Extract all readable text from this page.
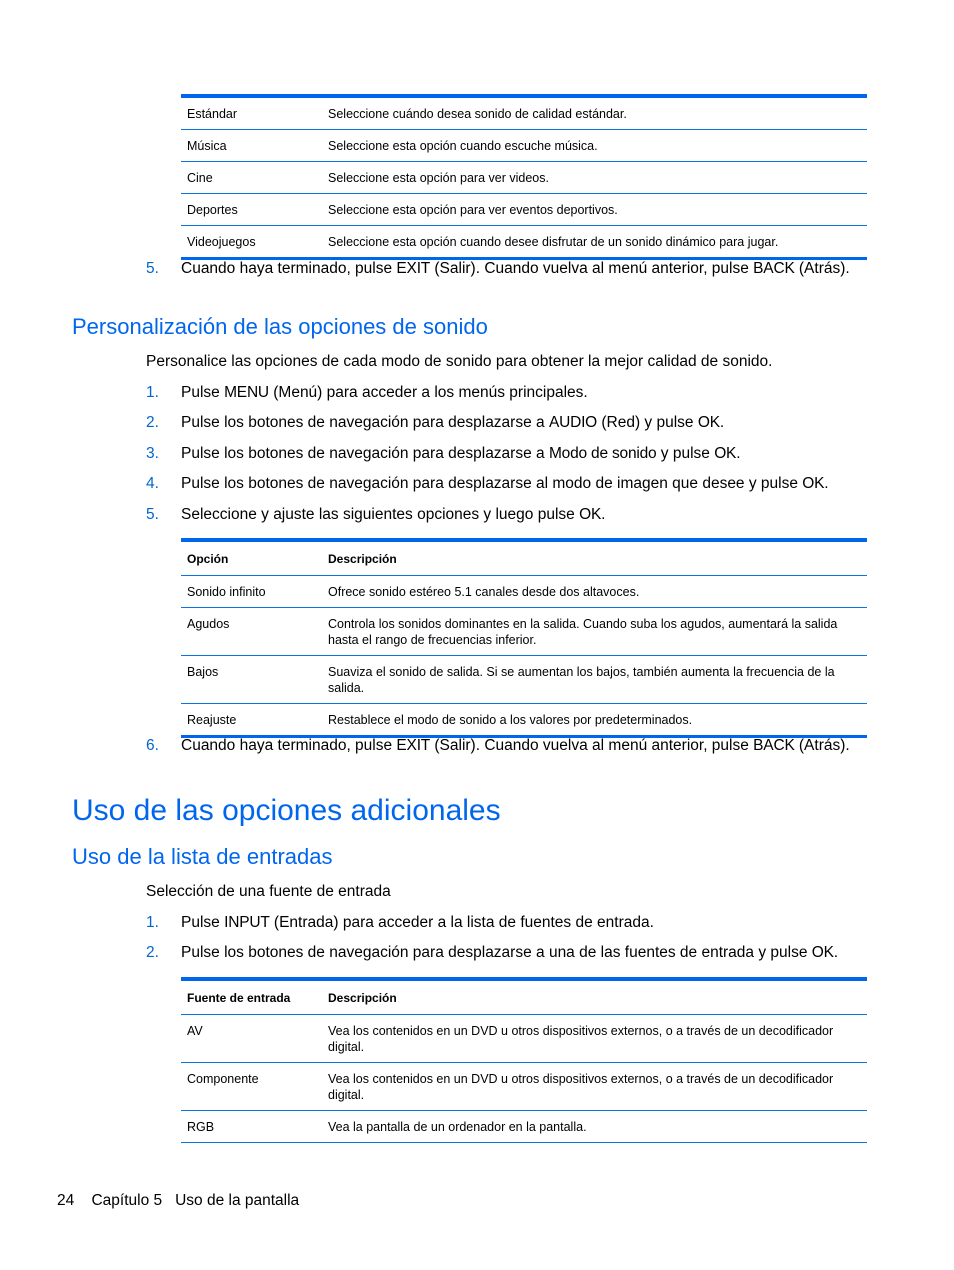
Estándar	Seleccione cuándo desea sonido de calidad estándar.
Música	Seleccione esta opción cuando escuche música.
Cine	Seleccione esta opción para ver videos.
Deportes	Seleccione esta opción para ver eventos deportivos.
Videojuegos	Seleccione esta opción cuando desee disfrutar de un sonido dinámico para jugar.
5. Cuando haya terminado, pulse EXIT (Salir). Cuando vuelva al menú anterior, pulse BACK (Atrás).
Personalización de las opciones de sonido
Personalice las opciones de cada modo de sonido para obtener la mejor calidad de sonido.
1. Pulse MENU (Menú) para acceder a los menús principales.
2. Pulse los botones de navegación para desplazarse a AUDIO (Red) y pulse OK.
3. Pulse los botones de navegación para desplazarse a Modo de sonido y pulse OK.
4. Pulse los botones de navegación para desplazarse al modo de imagen que desee y pulse OK.
5. Seleccione y ajuste las siguientes opciones y luego pulse OK.
Opción	Descripción
Sonido infinito	Ofrece sonido estéreo 5.1 canales desde dos altavoces.
Agudos	Controla los sonidos dominantes en la salida. Cuando suba los agudos, aumentará la salida hasta el rango de frecuencias inferior.
Bajos	Suaviza el sonido de salida. Si se aumentan los bajos, también aumenta la frecuencia de la salida.
Reajuste	Restablece el modo de sonido a los valores por predeterminados.
6. Cuando haya terminado, pulse EXIT (Salir). Cuando vuelva al menú anterior, pulse BACK (Atrás).
Uso de las opciones adicionales
Uso de la lista de entradas
Selección de una fuente de entrada
1. Pulse INPUT (Entrada) para acceder a la lista de fuentes de entrada.
2. Pulse los botones de navegación para desplazarse a una de las fuentes de entrada y pulse OK.
Fuente de entrada	Descripción
AV	Vea los contenidos en un DVD u otros dispositivos externos, o a través de un decodificador digital.
Componente	Vea los contenidos en un DVD u otros dispositivos externos, o a través de un decodificador digital.
RGB	Vea la pantalla de un ordenador en la pantalla.
24 Capítulo 5 Uso de la pantalla
